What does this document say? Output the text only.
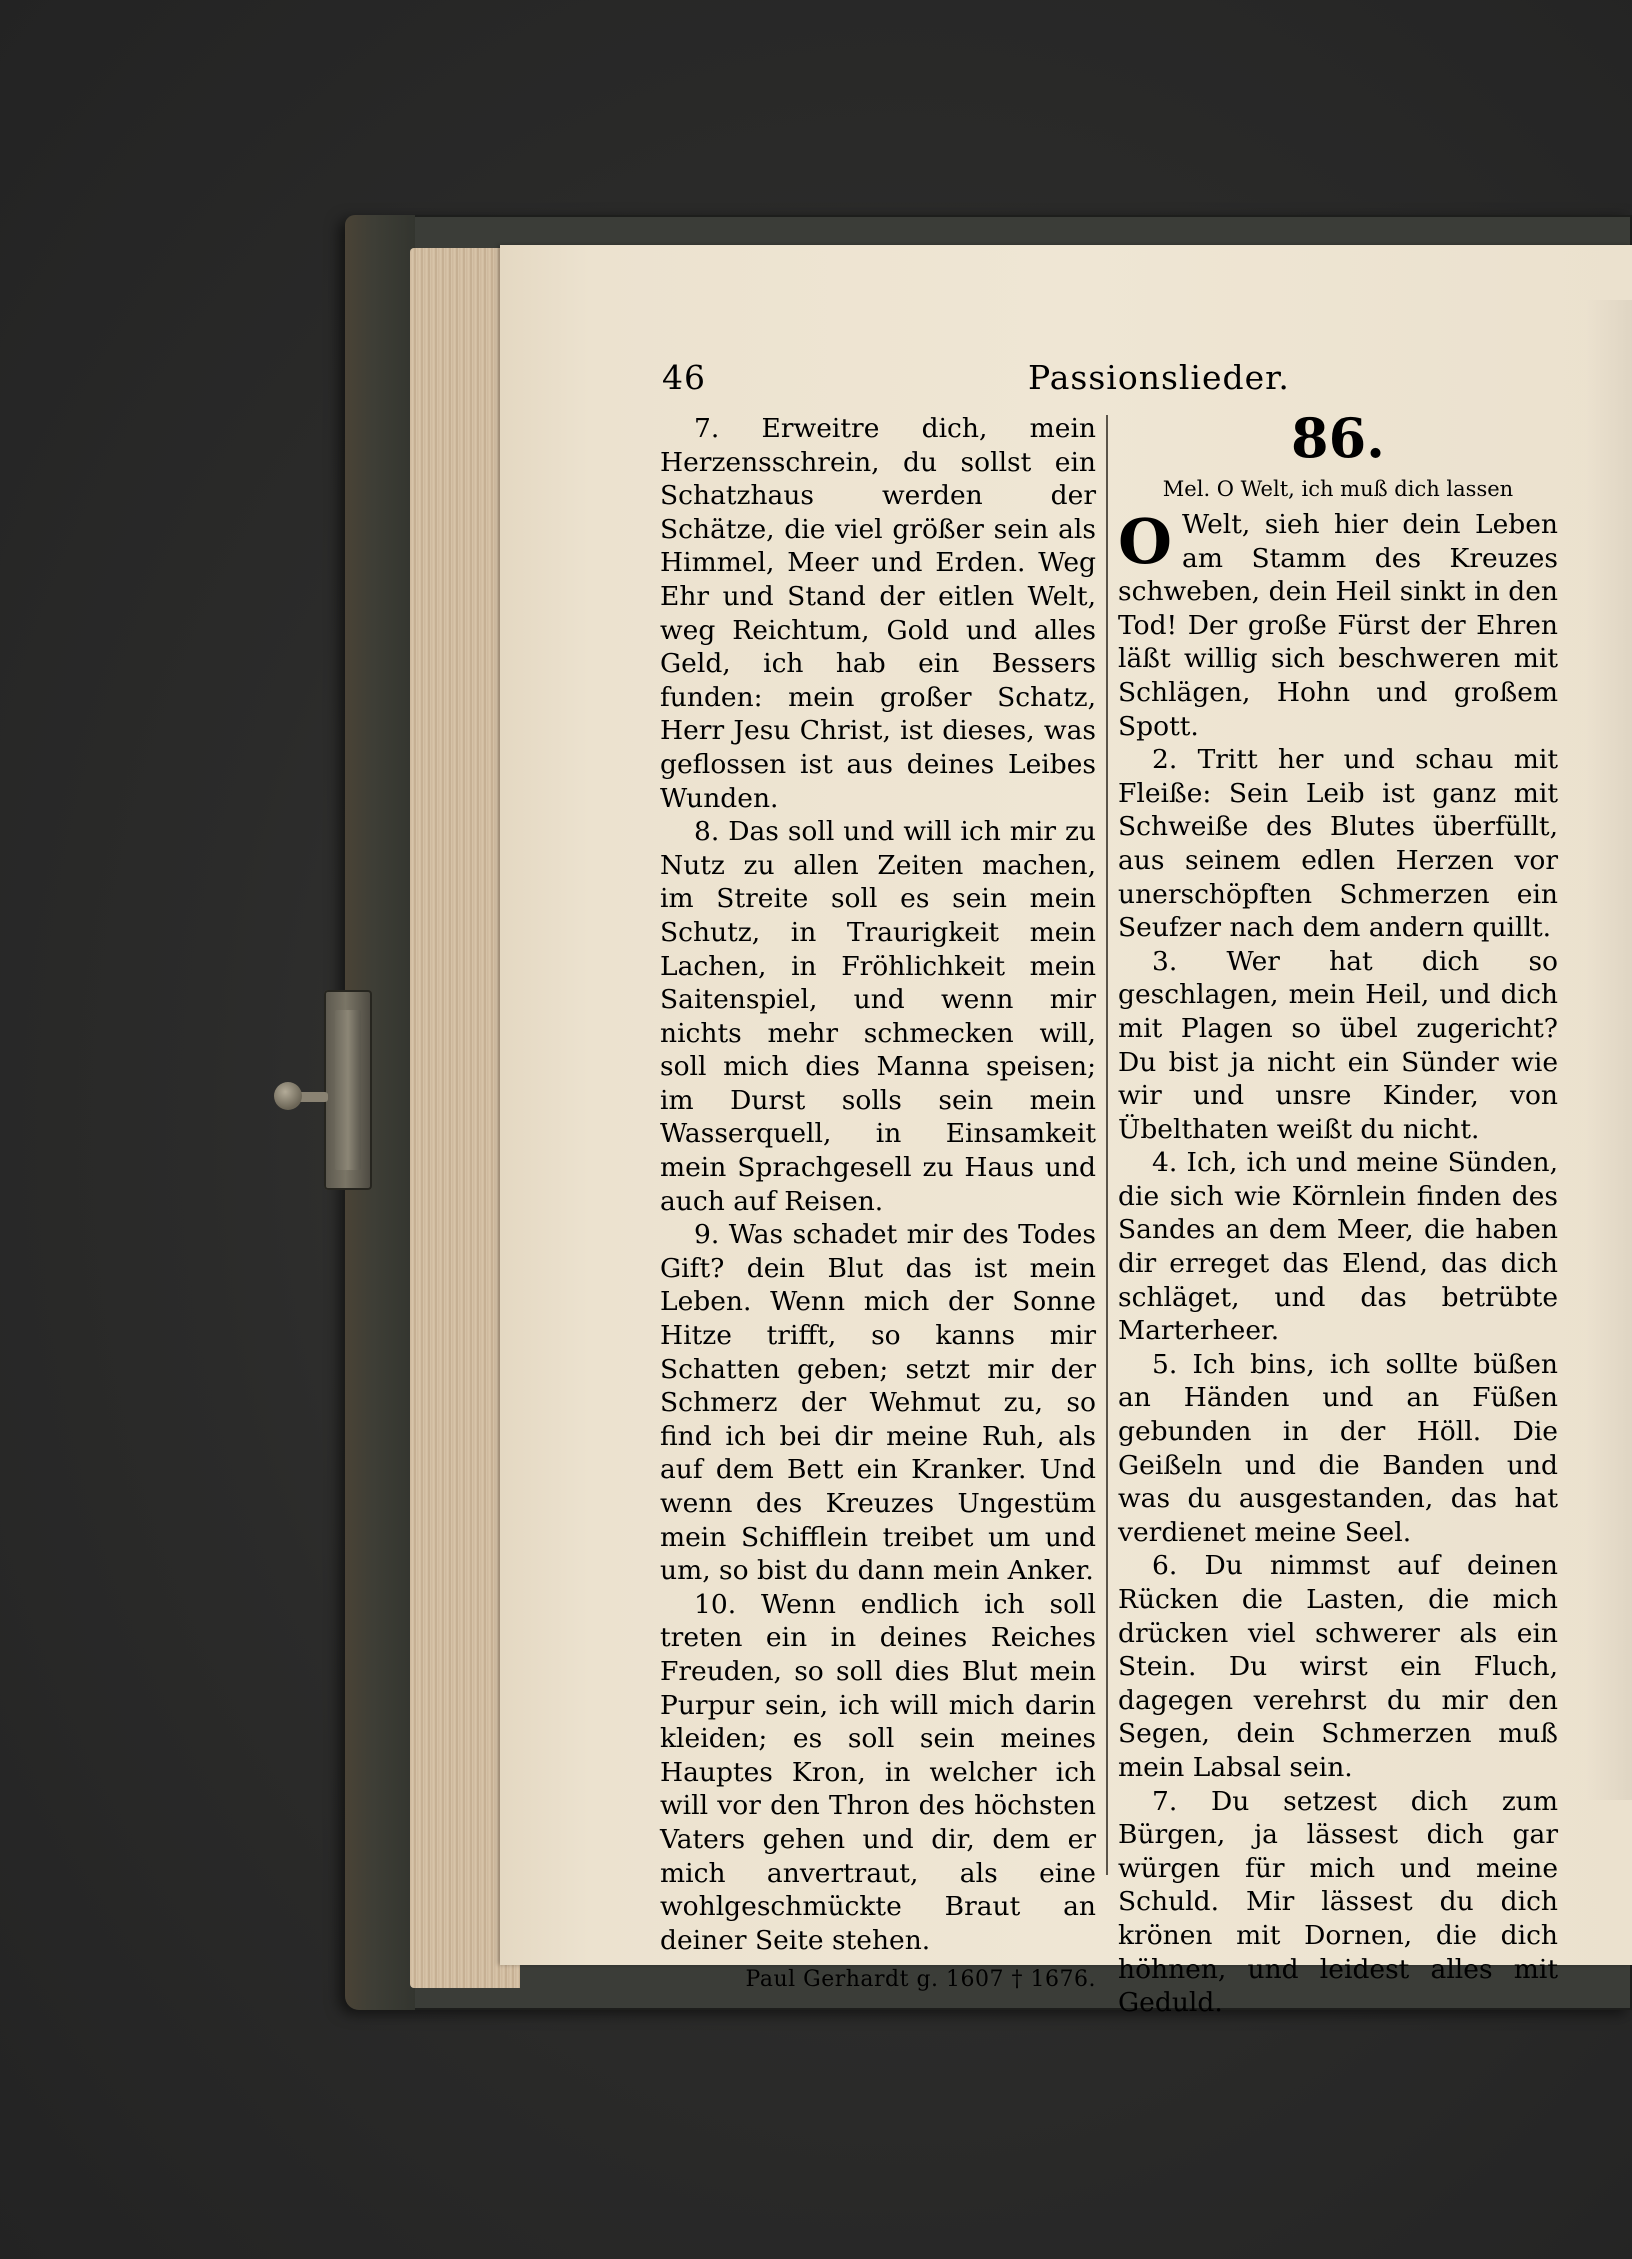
46	Passionslieder.

7. Erweitre dich, mein Herzensschrein, du sollst ein Schatzhaus werden der Schätze, die viel größer sein als Himmel, Meer und Erden. Weg Ehr und Stand der eitlen Welt, weg Reichtum, Gold und alles Geld, ich hab ein Bessers funden: mein großer Schatz, Herr Jesu Christ, ist dieses, was geflossen ist aus deines Leibes Wunden.

8. Das soll und will ich mir zu Nutz zu allen Zeiten machen, im Streite soll es sein mein Schutz, in Traurigkeit mein Lachen, in Fröhlichkeit mein Saitenspiel, und wenn mir nichts mehr schmecken will, soll mich dies Manna speisen; im Durst solls sein mein Wasserquell, in Einsamkeit mein Sprachgesell zu Haus und auch auf Reisen.

9. Was schadet mir des Todes Gift? dein Blut das ist mein Leben. Wenn mich der Sonne Hitze trifft, so kanns mir Schatten geben; setzt mir der Schmerz der Wehmut zu, so find ich bei dir meine Ruh, als auf dem Bett ein Kranker. Und wenn des Kreuzes Ungestüm mein Schifflein treibet um und um, so bist du dann mein Anker.

10. Wenn endlich ich soll treten ein in deines Reiches Freuden, so soll dies Blut mein Purpur sein, ich will mich darin kleiden; es soll sein meines Hauptes Kron, in welcher ich will vor den Thron des höchsten Vaters gehen und dir, dem er mich anvertraut, als eine wohlgeschmückte Braut an deiner Seite stehen.

Paul Gerhardt g. 1607 † 1676.
86.
Mel. O Welt, ich muß dich lassen

O Welt, sieh hier dein Leben am Stamm des Kreuzes schweben, dein Heil sinkt in den Tod! Der große Fürst der Ehren läßt willig sich beschweren mit Schlägen, Hohn und großem Spott.

2. Tritt her und schau mit Fleiße: Sein Leib ist ganz mit Schweiße des Blutes überfüllt, aus seinem edlen Herzen vor unerschöpften Schmerzen ein Seufzer nach dem andern quillt.

3. Wer hat dich so geschlagen, mein Heil, und dich mit Plagen so übel zugericht? Du bist ja nicht ein Sünder wie wir und unsre Kinder, von Übelthaten weißt du nicht.

4. Ich, ich und meine Sünden, die sich wie Körnlein finden des Sandes an dem Meer, die haben dir erreget das Elend, das dich schläget, und das betrübte Marterheer.

5. Ich bins, ich sollte büßen an Händen und an Füßen gebunden in der Höll. Die Geißeln und die Banden und was du ausgestanden, das hat verdienet meine Seel.

6. Du nimmst auf deinen Rücken die Lasten, die mich drücken viel schwerer als ein Stein. Du wirst ein Fluch, dagegen verehrst du mir den Segen, dein Schmerzen muß mein Labsal sein.

7. Du setzest dich zum Bürgen, ja lässest dich gar würgen für mich und meine Schuld. Mir lässest du dich krönen mit Dornen, die dich höhnen, und leidest alles mit Geduld.
